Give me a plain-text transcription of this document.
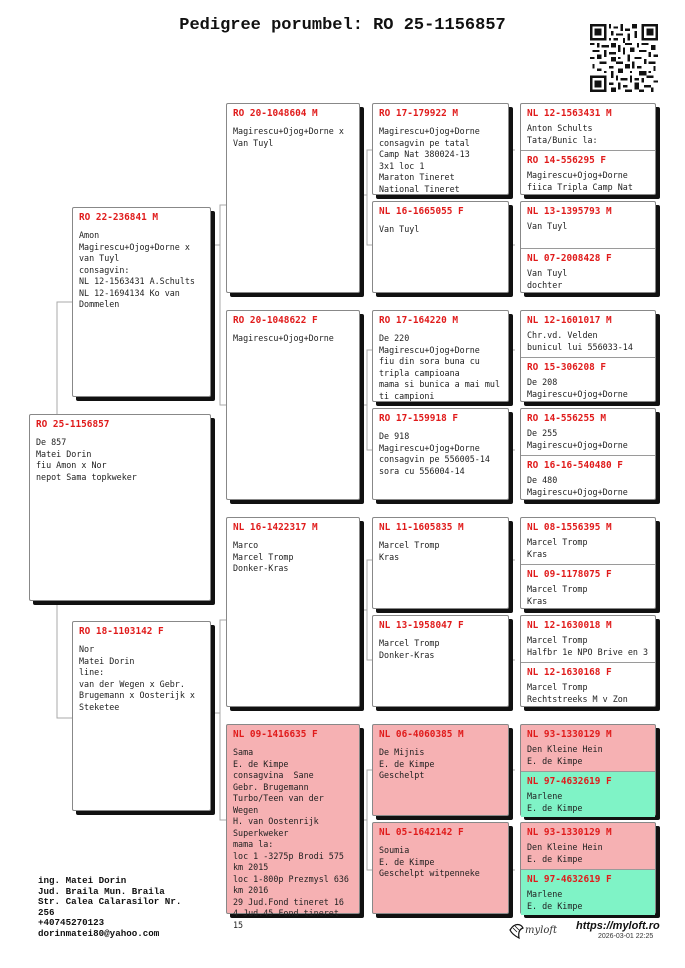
Pedigree porumbel: RO 25-1156857
RO 25-1156857
De 857
Matei Dorin
fiu Amon x Nor
nepot Sama topkweker
RO 22-236841 M
Amon
Magirescu+Ojog+Dorne x
van Tuyl
consagvin:
NL 12-1563431 A.Schults
NL 12-1694134 Ko van
Dommelen
RO 18-1103142 F
Nor
Matei Dorin
line:
van der Wegen x Gebr.
Brugemann x Oosterijk x
Steketee
RO 20-1048604 M
Magirescu+Ojog+Dorne x
Van Tuyl
RO 20-1048622 F
Magirescu+Ojog+Dorne
NL 16-1422317 M
Marco
Marcel Tromp
Donker-Kras
NL 09-1416635 F
Sama
E. de Kimpe
consagvina  Sane
Gebr. Brugemann
Turbo/Teen van der Wegen
H. van Oostenrijk
Superkweker
mama la:
loc 1 -3275p Brodi 575
km 2015
loc 1-800p Prezmysl 636
km 2016
29 Jud.Fond tineret 16
4 Jud.45 Fond tineret 15
RO 17-179922 M
Magirescu+Ojog+Dorne
consagvin pe tatal
Camp Nat 380024-13
3x1 loc 1
Maraton Tineret
National Tineret
NL 16-1665055 F
Van Tuyl
RO 17-164220 M
De 220
Magirescu+Ojog+Dorne
fiu din sora buna cu
tripla campioana
mama si bunica a mai mul
ti campioni
RO 17-159918 F
De 918
Magirescu+Ojog+Dorne
consagvin pe 556005-14
sora cu 556004-14
NL 11-1605835 M
Marcel Tromp
Kras
NL 13-1958047 F
Marcel Tromp
Donker-Kras
NL 06-4060385 M
De Mijnis
E. de Kimpe
Geschelpt
NL 05-1642142 F
Soumia
E. de Kimpe
Geschelpt witpenneke
NL 12-1563431 M
Anton Schults
Tata/Bunic la:
RO 14-556295 F
Magirescu+Ojog+Dorne
fiica Tripla Camp Nat
NL 13-1395793 M
Van Tuyl
NL 07-2008428 F
Van Tuyl
dochter
NL 12-1601017 M
Chr.vd. Velden
bunicul lui 556033-14
RO 15-306208 F
De 208
Magirescu+Ojog+Dorne
RO 14-556255 M
De 255
Magirescu+Ojog+Dorne
RO 16-16-540480 F
De 480
Magirescu+Ojog+Dorne
NL 08-1556395 M
Marcel Tromp
Kras
NL 09-1178075 F
Marcel Tromp
Kras
NL 12-1630018 M
Marcel Tromp
Halfbr 1e NPO Brive en 3
NL 12-1630168 F
Marcel Tromp
Rechtstreeks M v Zon
NL 93-1330129 M
Den Kleine Hein
E. de Kimpe
NL 97-4632619 F
Marlene
E. de Kimpe
NL 93-1330129 M
Den Kleine Hein
E. de Kimpe
NL 97-4632619 F
Marlene
E. de Kimpe
ing. Matei Dorin
Jud. Braila Mun. Braila
Str. Calea Calarasilor Nr.
256
+40745270123
dorinmatei80@yahoo.com	myloft https://myloft.ro
2026-03-01 22:25
